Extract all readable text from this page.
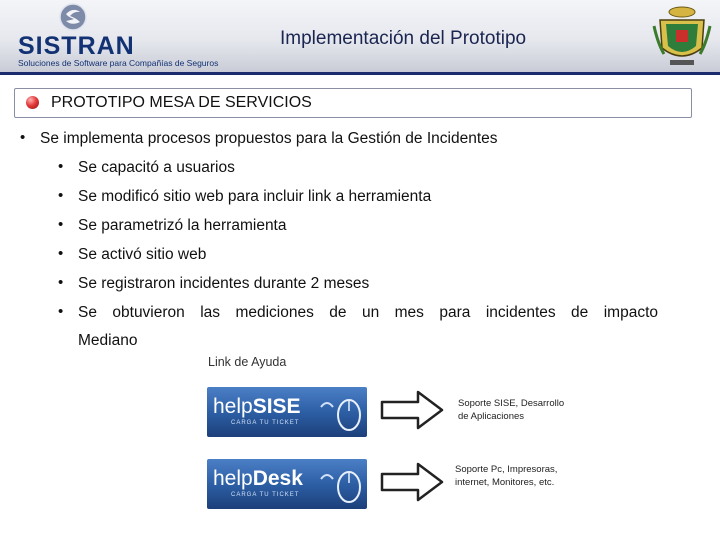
SISTRAN
Soluciones de Software para Compañías de Seguros
Implementación del Prototipo
PROTOTIPO MESA DE SERVICIOS
• Se implementa procesos propuestos para la Gestión de Incidentes
• Se capacitó a usuarios
• Se modificó sitio web para incluir link a herramienta
• Se parametrizó la herramienta
• Se activó sitio web
• Se registraron incidentes durante 2 meses
• Se obtuvieron las mediciones de un mes para incidentes de impacto
Mediano
Link de Ayuda
helpSISE
CARGA TU TICKET
helpDesk
CARGA TU TICKET
Soporte SISE, Desarrollo
de Aplicaciones
Soporte Pc, Impresoras,
internet, Monitores, etc.
